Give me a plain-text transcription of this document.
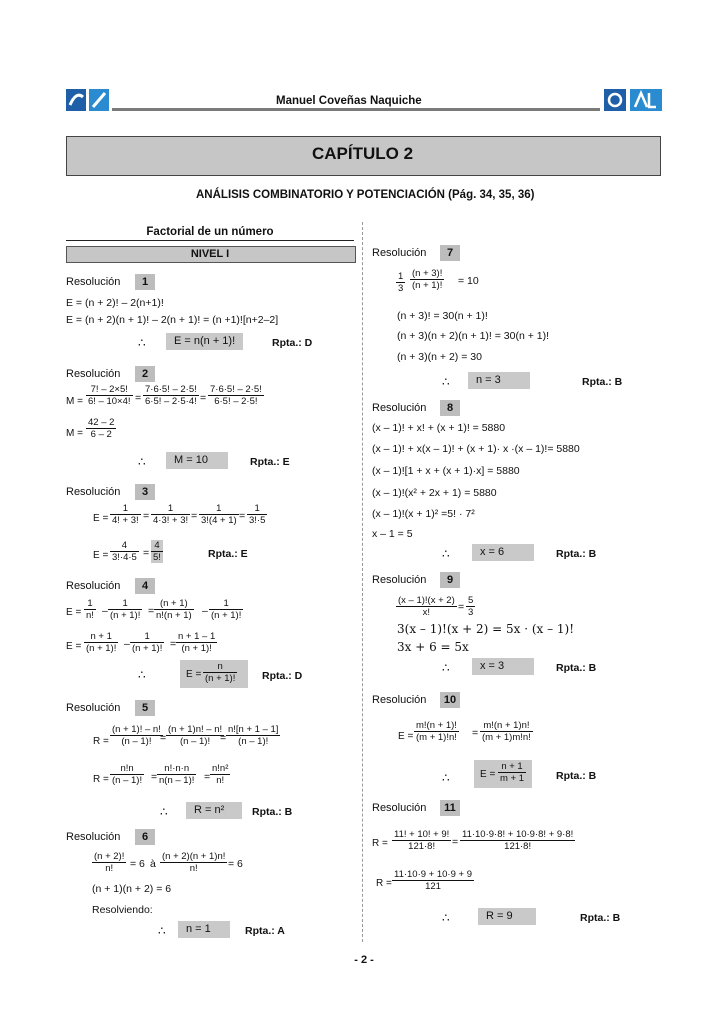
Manuel Coveñas Naquiche
CAPÍTULO 2
ANÁLISIS COMBINATORIO Y POTENCIACIÓN (Pág. 34, 35, 36)
Factorial de un número
NIVEL I
Resolución	1
E = (n + 2)! – 2(n+1)!
E = (n + 2)(n + 1)! – 2(n + 1)! = (n +1)![n+2–2]
∴	E = n(n + 1)!	Rpta.: D
Resolución	2
$M = \frac{7! - 2\times 5!}{6! - 10\times 4!} = \frac{7\cdot 6\cdot 5! - 2\cdot 5!}{6\cdot 5! - 2\cdot 5\cdot 4!} = \frac{7\cdot 6\cdot 5! - 2\cdot 5!}{6\cdot 5! - 2\cdot 5!}$
$M = \frac{42 - 2}{6 - 2}$
∴	M = 10	Rpta.: E
Resolución	3
$E = \frac{1}{4! + 3!} = \frac{1}{4\cdot 3! + 3!} = \frac{1}{3!(4 + 1)} = \frac{1}{3!\cdot 5}$
$E = \frac{4}{3!\cdot 4\cdot 5} = \frac{4}{5!}$	Rpta.: E
Resolución	4
$E = \frac{1}{n!} - \frac{1}{(n + 1)!} = \frac{(n + 1)}{n!(n + 1)} - \frac{1}{(n + 1)!}$
$E = \frac{n + 1}{(n + 1)!} - \frac{1}{(n + 1)!} = \frac{n + 1 - 1}{(n + 1)!}$
∴	$E = \frac{n}{(n + 1)!}$ Rpta.: D
Resolución	5
$R = \frac{(n + 1)! - n!}{(n - 1)!}$
= $\frac{(n + 1)n! - n!}{(n - 1)!}$
= $\frac{n![n + 1 - 1]}{(n - 1)!}$
$R = \frac{n!n}{(n - 1)!} = \frac{n!\cdot n\cdot n}{n(n - 1)!} = \frac{\text{n!n²}}{n!}$
∴	R = n²	Rpta.: B
Resolución	6
$\frac{(n + 2)!}{n!} = 6$ à $\frac{(n + 2)(n + 1)n!}{n!} = 6$
(n + 1)(n + 2) = 6
Resolviendo:
∴	n = 1	Rpta.: A
Resolución	7
$\frac{1}{3} \frac{(n + 3)!}{(n + 1)!} = 10$
(n + 3)! = 30(n + 1)!
(n + 3)(n + 2)(n + 1)! = 30(n + 1)!
(n + 3)(n + 2) = 30
∴	n = 3	Rpta.: B
Resolución	8
(x – 1)! + x! + (x + 1)! = 5880
(x – 1)! + x(x – 1)! + (x + 1)· x ·(x – 1)!= 5880
(x – 1)![1 + x + (x + 1)·x] = 5880
(x – 1)!(x² + 2x + 1) = 5880
(x – 1)!(x + 1)² =5! · 7²
x – 1 = 5
∴	x = 6	Rpta.: B
Resolución	9
$\frac{(x - 1)!(x + 2)}{x!} = \frac{5}{3}$
3(x – 1)!(x + 2) = 5x · (x – 1)!
3x + 6 = 5x
∴	x = 3	Rpta.: B
Resolución	10
$E = \frac{m!(n + 1)!}{(m + 1)!n!} = \frac{m!(n + 1)n!}{(m + 1)m!n!}$
∴	$E = \frac{n + 1}{m + 1}$	Rpta.: B
Resolución	11
$R = \frac{11! + 10! + 9!}{121\cdot 8!} = \frac{11\cdot 10\cdot 9\cdot 8! + 10\cdot 9\cdot 8! + 9\cdot 8!}{121\cdot 8!}$
$R = \frac{11\cdot 10\cdot 9 + 10\cdot 9 + 9}{121}$
∴	R = 9	Rpta.: B
- 2 -
